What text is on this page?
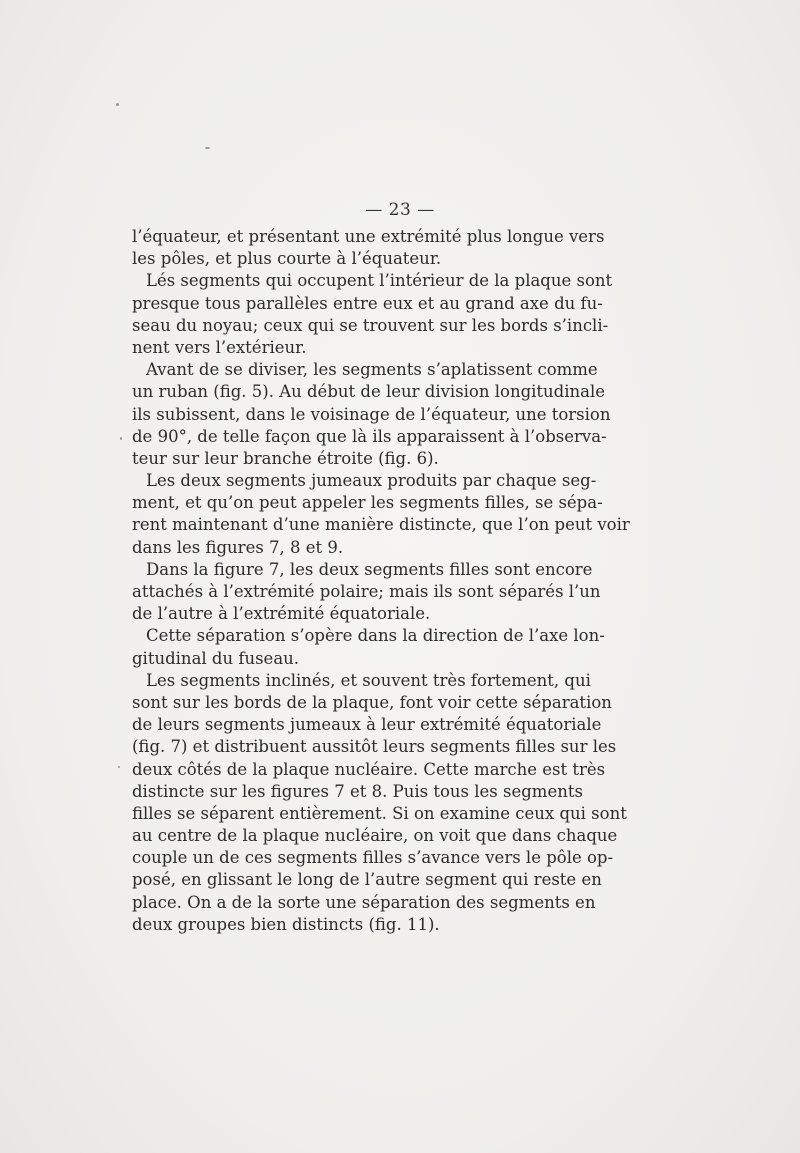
— 23 —
l’équateur, et présentant une extrémité plus longue vers
les pôles, et plus courte à l’équateur.
Lés segments qui occupent l’intérieur de la plaque sont
presque tous parallèles entre eux et au grand axe du fu-
seau du noyau; ceux qui se trouvent sur les bords s’incli-
nent vers l’extérieur.
Avant de se diviser, les segments s’aplatissent comme
un ruban (fig. 5). Au début de leur division longitudinale
ils subissent, dans le voisinage de l’équateur, une torsion
de 90°, de telle façon que là ils apparaissent à l’observa-
teur sur leur branche étroite (fig. 6).
Les deux segments jumeaux produits par chaque seg-
ment, et qu’on peut appeler les segments filles, se sépa-
rent maintenant d’une manière distincte, que l’on peut voir
dans les figures 7, 8 et 9.
Dans la figure 7, les deux segments filles sont encore
attachés à l’extrémité polaire; mais ils sont séparés l’un
de l’autre à l’extrémité équatoriale.
Cette séparation s’opère dans la direction de l’axe lon-
gitudinal du fuseau.
Les segments inclinés, et souvent très fortement, qui
sont sur les bords de la plaque, font voir cette séparation
de leurs segments jumeaux à leur extrémité équatoriale
(fig. 7) et distribuent aussitôt leurs segments filles sur les
deux côtés de la plaque nucléaire. Cette marche est très
distincte sur les figures 7 et 8. Puis tous les segments
filles se séparent entièrement. Si on examine ceux qui sont
au centre de la plaque nucléaire, on voit que dans chaque
couple un de ces segments filles s’avance vers le pôle op-
posé, en glissant le long de l’autre segment qui reste en
place. On a de la sorte une séparation des segments en
deux groupes bien distincts (fig. 11).
